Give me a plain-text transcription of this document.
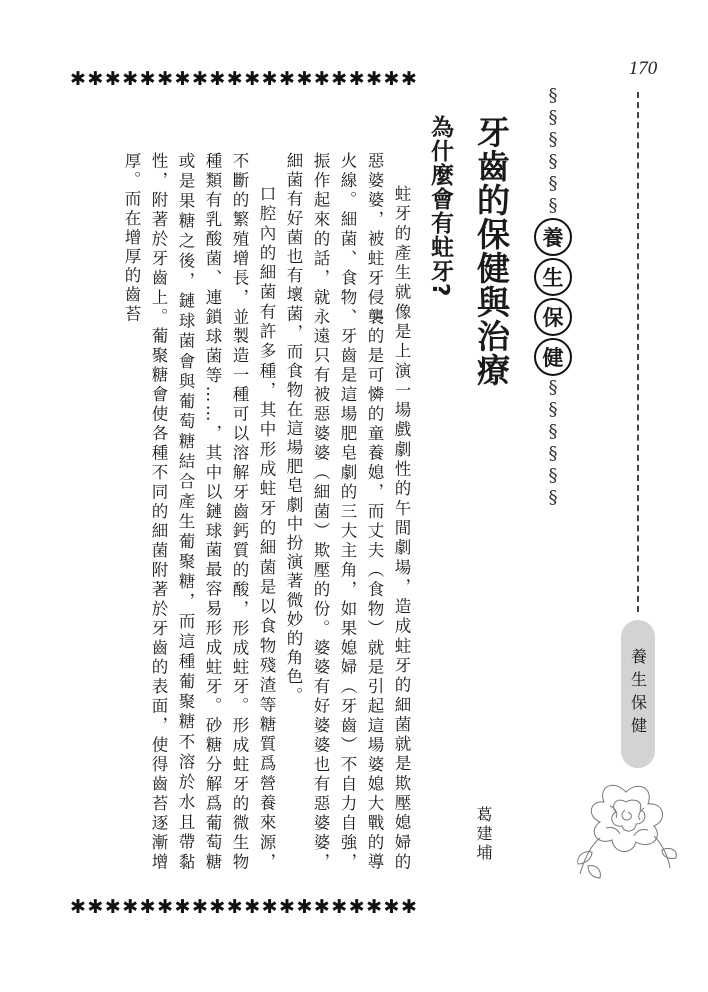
170
✱✱✱✱✱✱✱✱✱✱✱✱✱✱✱✱✱✱✱✱
§§§§§§
養
生
保
健
§§§§§§
牙齒的保健與治療
為什麼會有蛀牙?
葛建埔

蛀牙的產生就像是上演一場戲劇性的午間劇場，造成蛀牙的細菌就是欺壓媳婦的惡婆婆，被蛀牙侵襲的是可憐的童養媳，而丈夫（食物）就是引起這場婆媳大戰的導火線。細菌、食物、牙齒是這場肥皂劇的三大主角，如果媳婦（牙齒）不自力自強，振作起來的話，就永遠只有被惡婆婆（細菌）欺壓的份。婆婆有好婆婆也有惡婆婆，細菌有好菌也有壞菌，而食物在這場肥皂劇中扮演著微妙的角色。

口腔內的細菌有許多種，其中形成蛀牙的細菌是以食物殘渣等糖質爲營養來源，不斷的繁殖增長，並製造一種可以溶解牙齒鈣質的酸，形成蛀牙。形成蛀牙的微生物種類有乳酸菌、連鎖球菌等……，其中以鏈球菌最容易形成蛀牙。砂糖分解爲葡萄糖或是果糖之後，鏈球菌會與葡萄糖結合產生葡聚糖，而這種葡聚糖不溶於水且帶黏性，附著於牙齒上。葡聚糖會使各種不同的細菌附著於牙齒的表面，使得齒苔逐漸增厚。而在增厚的齒苔

養生保健
✱✱✱✱✱✱✱✱✱✱✱✱✱✱✱✱✱✱✱✱
